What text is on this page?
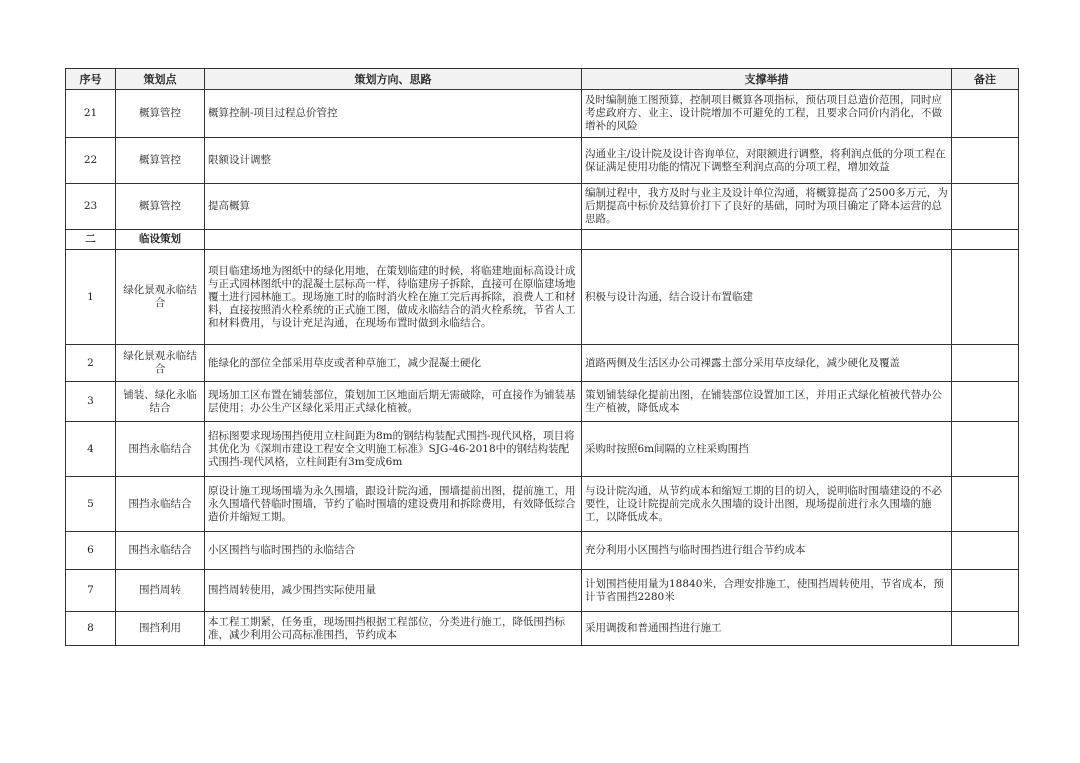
序号	策划点	策划方向、思路	支撑举措	备注
21	概算管控	概算控制-项目过程总价管控	及时编制施工图预算，控制项目概算各项指标，预估项目总造价范围，同时应考虑政府方、业主、设计院增加不可避免的工程，且要求合同价内消化，不做增补的风险	
22	概算管控	限额设计调整	沟通业主/设计院及设计咨询单位，对限额进行调整，将利润点低的分项工程在保证满足使用功能的情况下调整至利润点高的分项工程，增加效益	
23	概算管控	提高概算	编制过程中，我方及时与业主及设计单位沟通，将概算提高了2500多万元，为后期提高中标价及结算价打下了良好的基础，同时为项目确定了降本运营的总思路。	
二	临设策划			
1	绿化景观永临结合	项目临建场地为图纸中的绿化用地，在策划临建的时候，将临建地面标高设计成与正式园林图纸中的混凝土层标高一样，待临建房子拆除，直接可在原临建场地覆土进行园林施工。现场施工时的临时消火栓在施工完后再拆除，浪费人工和材料，直接按照消火栓系统的正式施工图，做成永临结合的消火栓系统，节省人工和材料费用，与设计充足沟通，在现场布置时做到永临结合。	积极与设计沟通，结合设计布置临建	
2	绿化景观永临结合	能绿化的部位全部采用草皮或者种草施工，减少混凝土硬化	道路两侧及生活区办公司裸露土部分采用草皮绿化，减少硬化及覆盖	
3	铺装、绿化永临结合	现场加工区布置在铺装部位，策划加工区地面后期无需破除，可直接作为铺装基层使用；办公生产区绿化采用正式绿化植被。	策划铺装绿化提前出图，在铺装部位设置加工区，并用正式绿化植被代替办公生产植被，降低成本	
4	围挡永临结合	招标图要求现场围挡使用立柱间距为8m的钢结构装配式围挡-现代风格，项目将其优化为《深圳市建设工程安全文明施工标准》SJG-46-2018中的钢结构装配式围挡-现代风格，立柱间距有3m变成6m	采购时按照6m间隔的立柱采购围挡	
5	围挡永临结合	原设计施工现场围墙为永久围墙，跟设计院沟通，围墙提前出图，提前施工，用永久围墙代替临时围墙，节约了临时围墙的建设费用和拆除费用，有效降低综合造价并缩短工期。	与设计院沟通，从节约成本和缩短工期的目的切入，说明临时围墙建设的不必要性，让设计院提前完成永久围墙的设计出图，现场提前进行永久围墙的施工，以降低成本。	
6	围挡永临结合	小区围挡与临时围挡的永临结合	充分利用小区围挡与临时围挡进行组合节约成本	
7	围挡周转	围挡周转使用，减少围挡实际使用量	计划围挡使用量为18840米，合理安排施工，使围挡周转使用，节省成本，预计节省围挡2280米	
8	围挡利用	本工程工期紧，任务重，现场围挡根据工程部位，分类进行施工，降低围挡标准，减少利用公司高标准围挡，节约成本	采用调拨和普通围挡进行施工	
